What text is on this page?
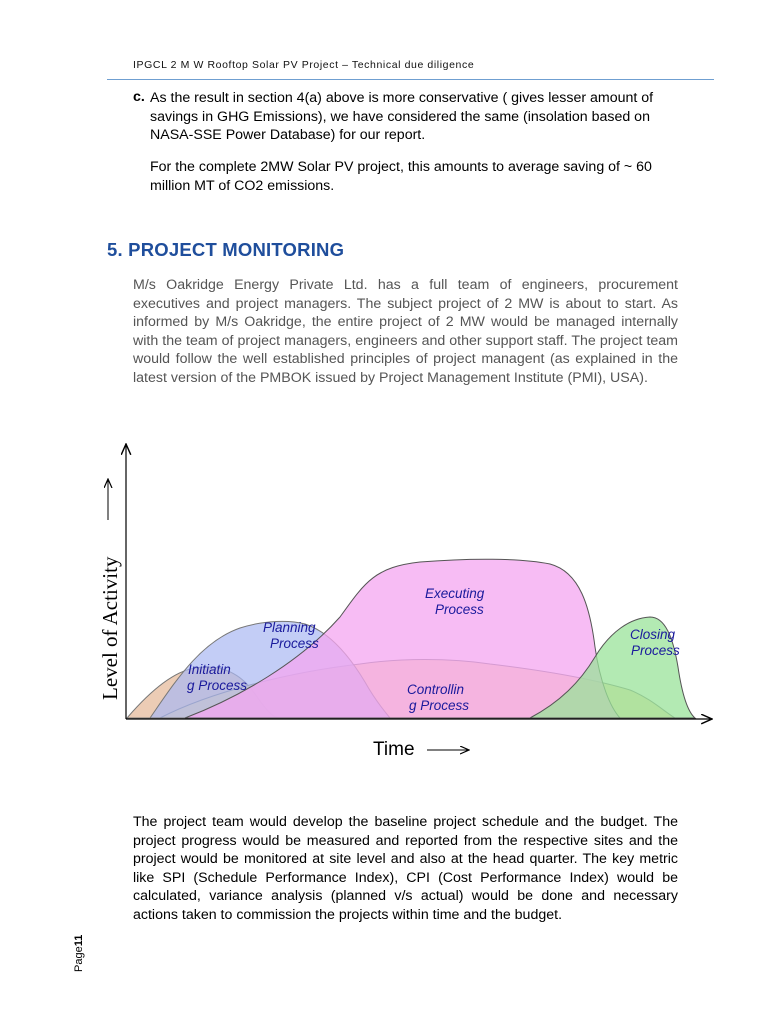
IPGCL 2 M W Rooftop Solar PV Project – Technical due diligence
c. As the result in section 4(a) above is more conservative ( gives lesser amount of savings in GHG Emissions), we have considered the same (insolation based on NASA-SSE Power Database) for our report.

For the complete 2MW Solar PV project, this amounts to average saving of ~ 60 million MT of CO2 emissions.

5. PROJECT MONITORING

M/s Oakridge Energy Private Ltd. has a full team of engineers, procurement executives and project managers. The subject project of 2 MW is about to start. As informed by M/s Oakridge, the entire project of 2 MW would be managed internally with the team of project managers, engineers and other support staff. The project team would follow the well established principles of project managent (as explained in the latest version of the PMBOK issued by Project Management Institute (PMI), USA).

Level of Activity
Time
Executing
Process
Planning
Process
Initiatin
g Process	Controllin
g Process
Closing
Process

The project team would develop the baseline project schedule and the budget. The project progress would be measured and reported from the respective sites and the project would be monitored at site level and also at the head quarter. The key metric like SPI (Schedule Performance Index), CPI (Cost Performance Index) would be calculated, variance analysis (planned v/s actual) would be done and necessary actions taken to commission the projects within time and the budget.

Page11
